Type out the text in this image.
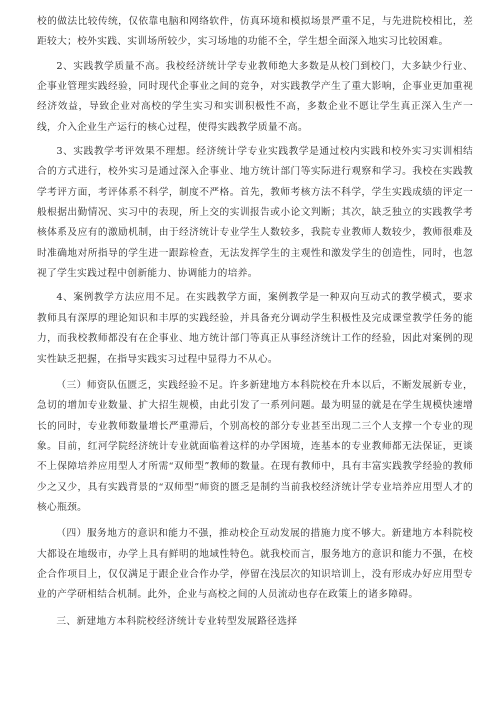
校的做法比较传统，仅依靠电脑和网络软件，仿真环境和模拟场景严重不足，与先进院校相比，差距较大；校外实践、实训场所较少，实习场地的功能不全，学生想全面深入地实习比较困难。

2、实践教学质量不高。我校经济统计学专业教师绝大多数是从校门到校门，大多缺少行业、企事业管理实践经验，同时现代企事业之间的竞争，对实践教学产生了重大影响，企事业更加重视经济效益，导致企业对高校的学生实习和实训积极性不高，多数企业不愿让学生真正深入生产一线，介入企业生产运行的核心过程，使得实践教学质量不高。

3、实践教学考评效果不理想。经济统计学专业实践教学是通过校内实践和校外实习实训相结合的方式进行，校外实习是通过深入企事业、地方统计部门等实际进行观察和学习。我校在实践教学考评方面，考评体系不科学，制度不严格。首先，教师考核方法不科学，学生实践成绩的评定一般根据出勤情况、实习中的表现，所上交的实训报告或小论文判断；其次，缺乏独立的实践教学考核体系及应有的激励机制，由于经济统计专业学生人数较多，我院专业教师人数较少，教师很难及时准确地对所指导的学生进一跟踪检查，无法发挥学生的主观性和激发学生的创造性，同时，也忽视了学生实践过程中创新能力、协调能力的培养。

4、案例教学方法应用不足。在实践教学方面，案例教学是一种双向互动式的教学模式，要求教师具有深厚的理论知识和丰厚的实践经验，并具备充分调动学生积极性及完成课堂教学任务的能力，而我校教师都没有在企事业、地方统计部门等真正从事经济统计工作的经验，因此对案例的现实性缺乏把握，在指导实践实习过程中显得力不从心。

（三）师资队伍匮乏，实践经验不足。许多新建地方本科院校在升本以后，不断发展新专业，急切的增加专业数量、扩大招生规模，由此引发了一系列问题。最为明显的就是在学生规模快速增长的同时，专业教师数量增长严重滞后，个别高校的部分专业甚至出现二三个人支撑一个专业的现象。目前，红河学院经济统计专业就面临着这样的办学困境，连基本的专业教师都无法保证，更谈不上保障培养应用型人才所需“双师型”教师的数量。在现有教师中，具有丰富实践教学经验的教师少之又少，具有实践背景的“双师型”师资的匮乏是制约当前我校经济统计学专业培养应用型人才的核心瓶颈。

（四）服务地方的意识和能力不强，推动校企互动发展的措施力度不够大。新建地方本科院校大都设在地级市，办学上具有鲜明的地域性特色。就我校而言，服务地方的意识和能力不强，在校企合作项目上，仅仅满足于跟企业合作办学，停留在浅层次的知识培训上，没有形成办好应用型专业的产学研相结合机制。此外，企业与高校之间的人员流动也存在政策上的诸多障碍。

三、新建地方本科院校经济统计专业转型发展路径选择
